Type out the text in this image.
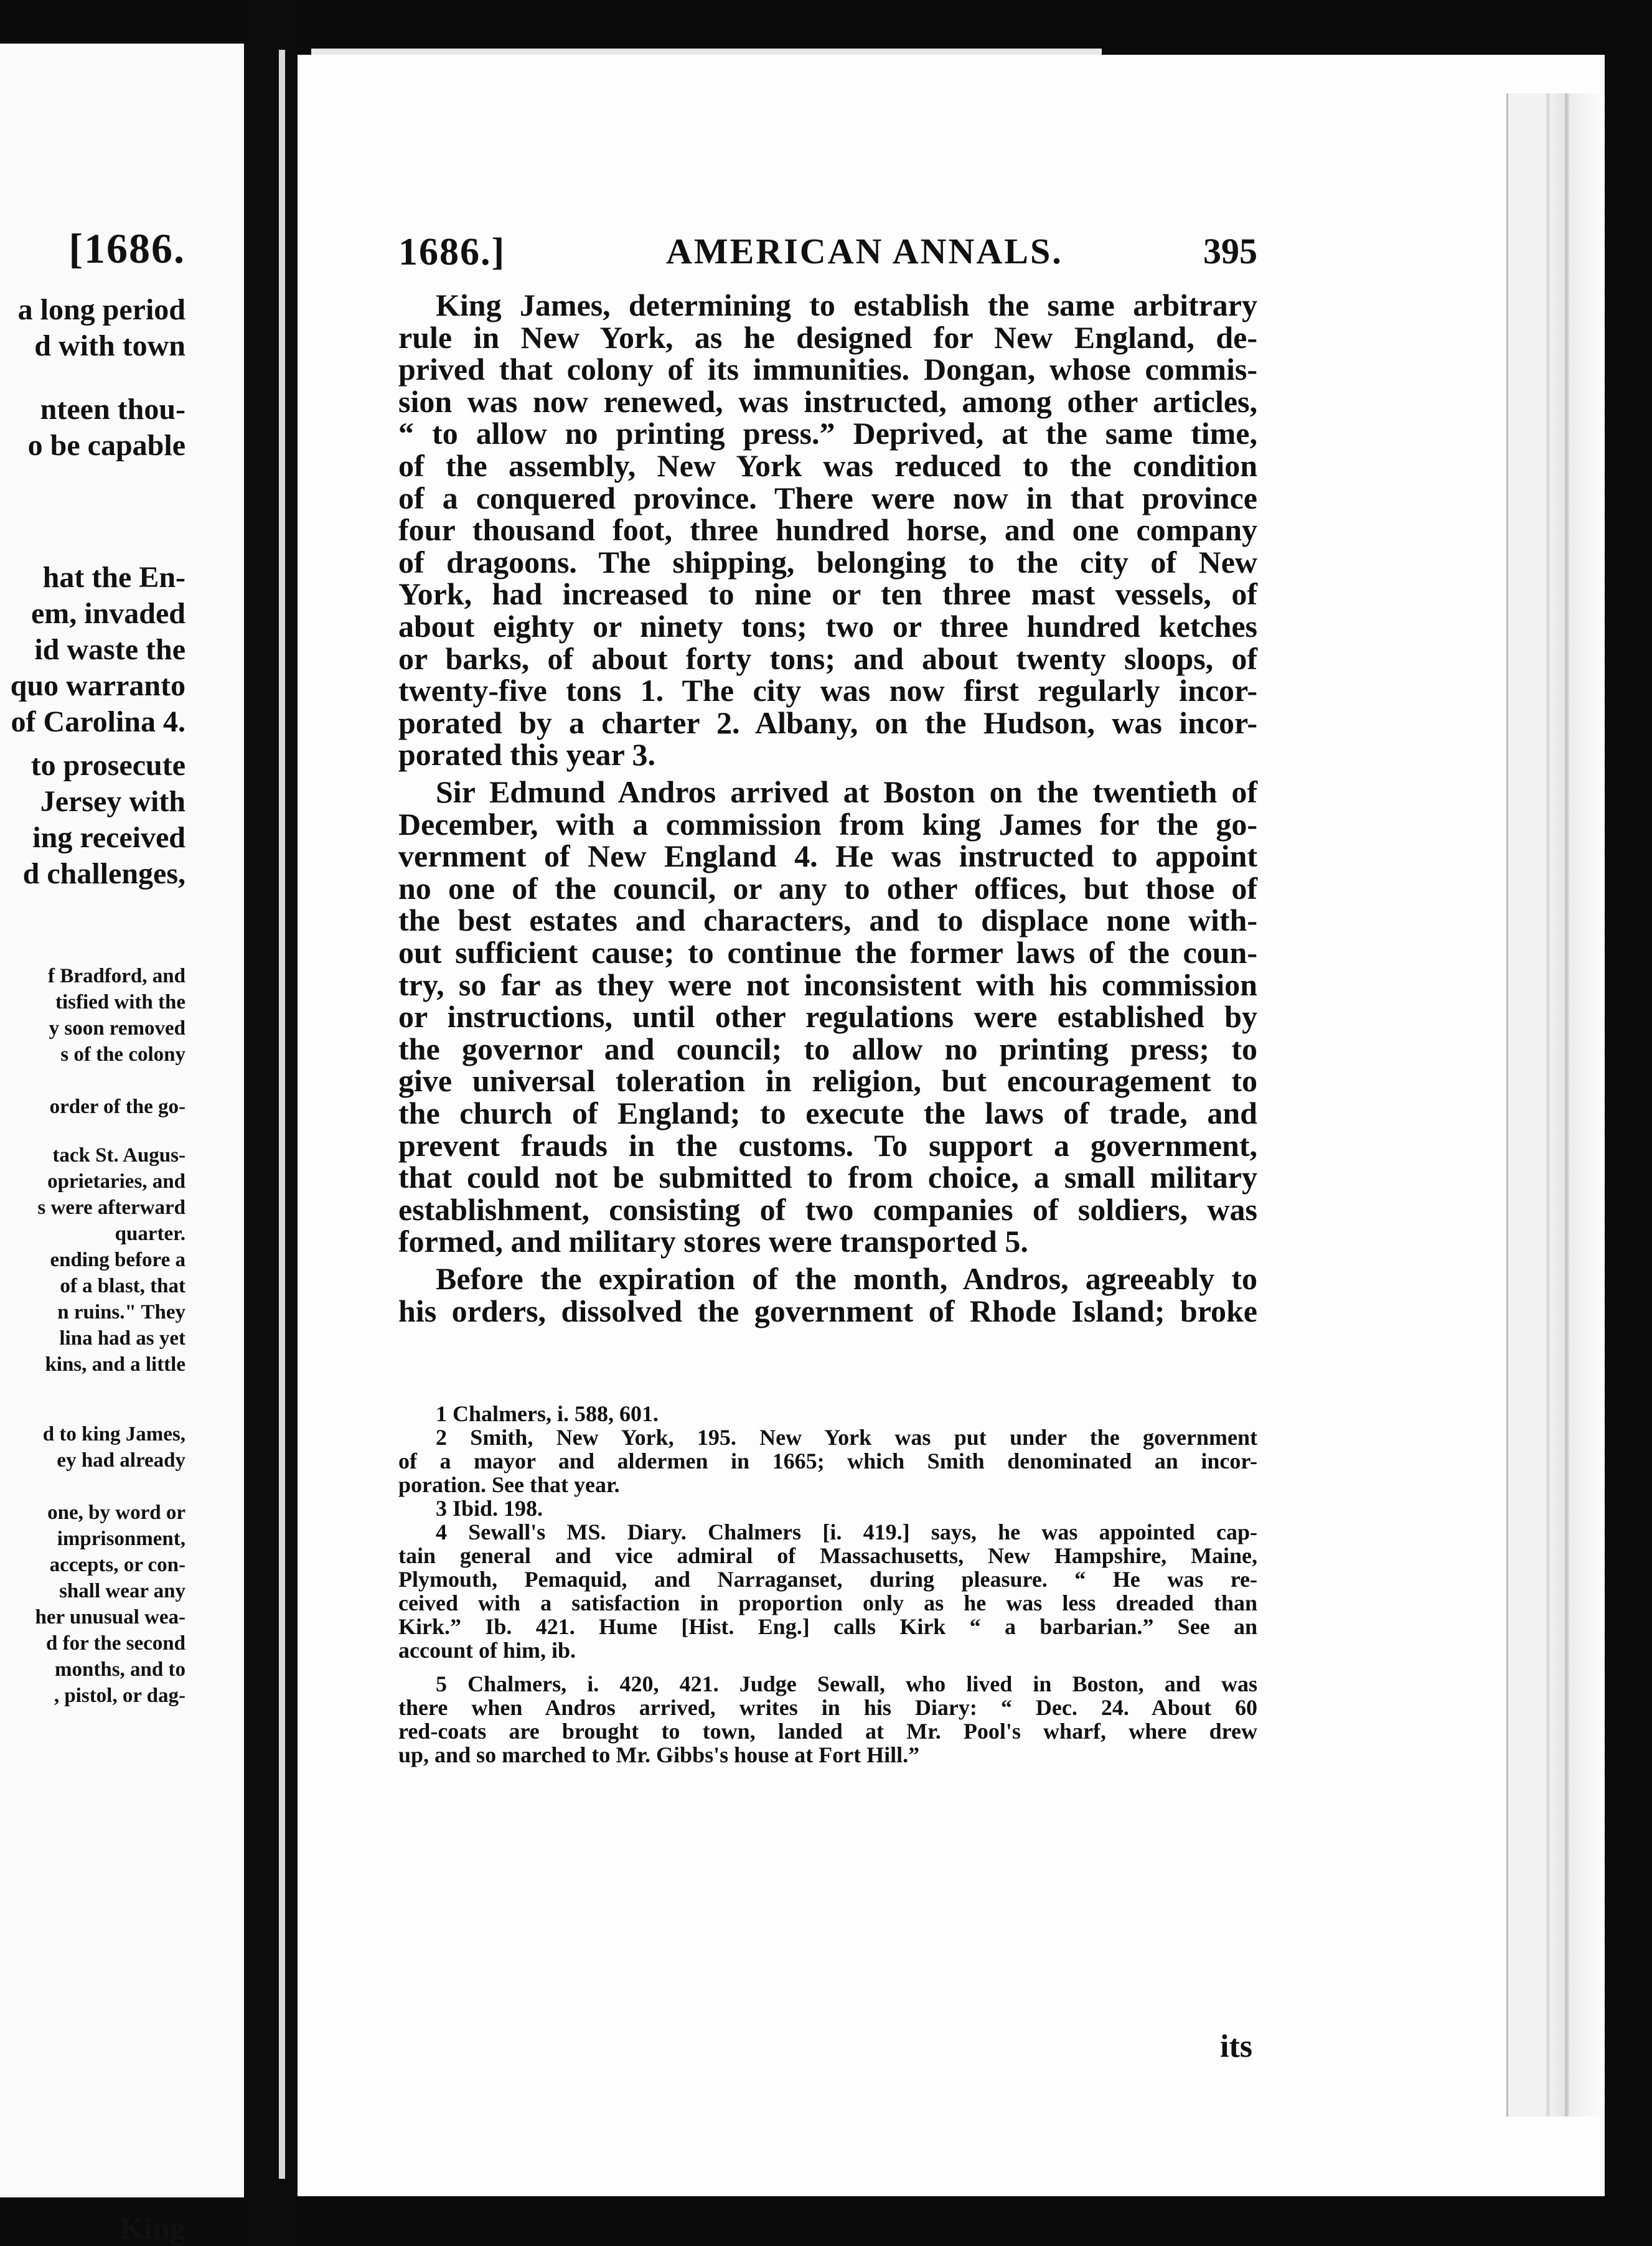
[1686.
a long period
d with town
nteen thou-
o be capable
hat the En-
em, invaded
id waste the
quo warranto
of Carolina 4.
to prosecute
Jersey with
ing received
d challenges,
f Bradford, and
tisfied with the
y soon removed
s of the colony
order of the go-
tack St. Augus-
oprietaries, and
s were afterward
quarter.
ending before a
of a blast, that
n ruins." They
lina had as yet
kins, and a little
d to king James,
ey had already
one, by word or
imprisonment,
accepts, or con-
shall wear any
her unusual wea-
d for the second
months, and to
, pistol, or dag-
King
1686.]	AMERICAN ANNALS.	395
King James, determining to establish the same arbitrary
rule in New York, as he designed for New England, de-
prived that colony of its immunities. Dongan, whose commis-
sion was now renewed, was instructed, among other articles,
“ to allow no printing press.” Deprived, at the same time,
of the assembly, New York was reduced to the condition
of a conquered province. There were now in that province
four thousand foot, three hundred horse, and one company
of dragoons. The shipping, belonging to the city of New
York, had increased to nine or ten three mast vessels, of
about eighty or ninety tons; two or three hundred ketches
or barks, of about forty tons; and about twenty sloops, of
twenty-five tons 1. The city was now first regularly incor-
porated by a charter 2. Albany, on the Hudson, was incor-
porated this year 3.
Sir Edmund Andros arrived at Boston on the twentieth of
December, with a commission from king James for the go-
vernment of New England 4. He was instructed to appoint
no one of the council, or any to other offices, but those of
the best estates and characters, and to displace none with-
out sufficient cause; to continue the former laws of the coun-
try, so far as they were not inconsistent with his commission
or instructions, until other regulations were established by
the governor and council; to allow no printing press; to
give universal toleration in religion, but encouragement to
the church of England; to execute the laws of trade, and
prevent frauds in the customs. To support a government,
that could not be submitted to from choice, a small military
establishment, consisting of two companies of soldiers, was
formed, and military stores were transported 5.
Before the expiration of the month, Andros, agreeably to
his orders, dissolved the government of Rhode Island; broke
1 Chalmers, i. 588, 601.
2 Smith, New York, 195. New York was put under the government
of a mayor and aldermen in 1665; which Smith denominated an incor-
poration. See that year.
3 Ibid. 198.
4 Sewall's MS. Diary. Chalmers [i. 419.] says, he was appointed cap-
tain general and vice admiral of Massachusetts, New Hampshire, Maine,
Plymouth, Pemaquid, and Narraganset, during pleasure. “ He was re-
ceived with a satisfaction in proportion only as he was less dreaded than
Kirk.” Ib. 421. Hume [Hist. Eng.] calls Kirk “ a barbarian.” See an
account of him, ib.
5 Chalmers, i. 420, 421. Judge Sewall, who lived in Boston, and was
there when Andros arrived, writes in his Diary: “ Dec. 24. About 60
red-coats are brought to town, landed at Mr. Pool's wharf, where drew
up, and so marched to Mr. Gibbs's house at Fort Hill.”
its
